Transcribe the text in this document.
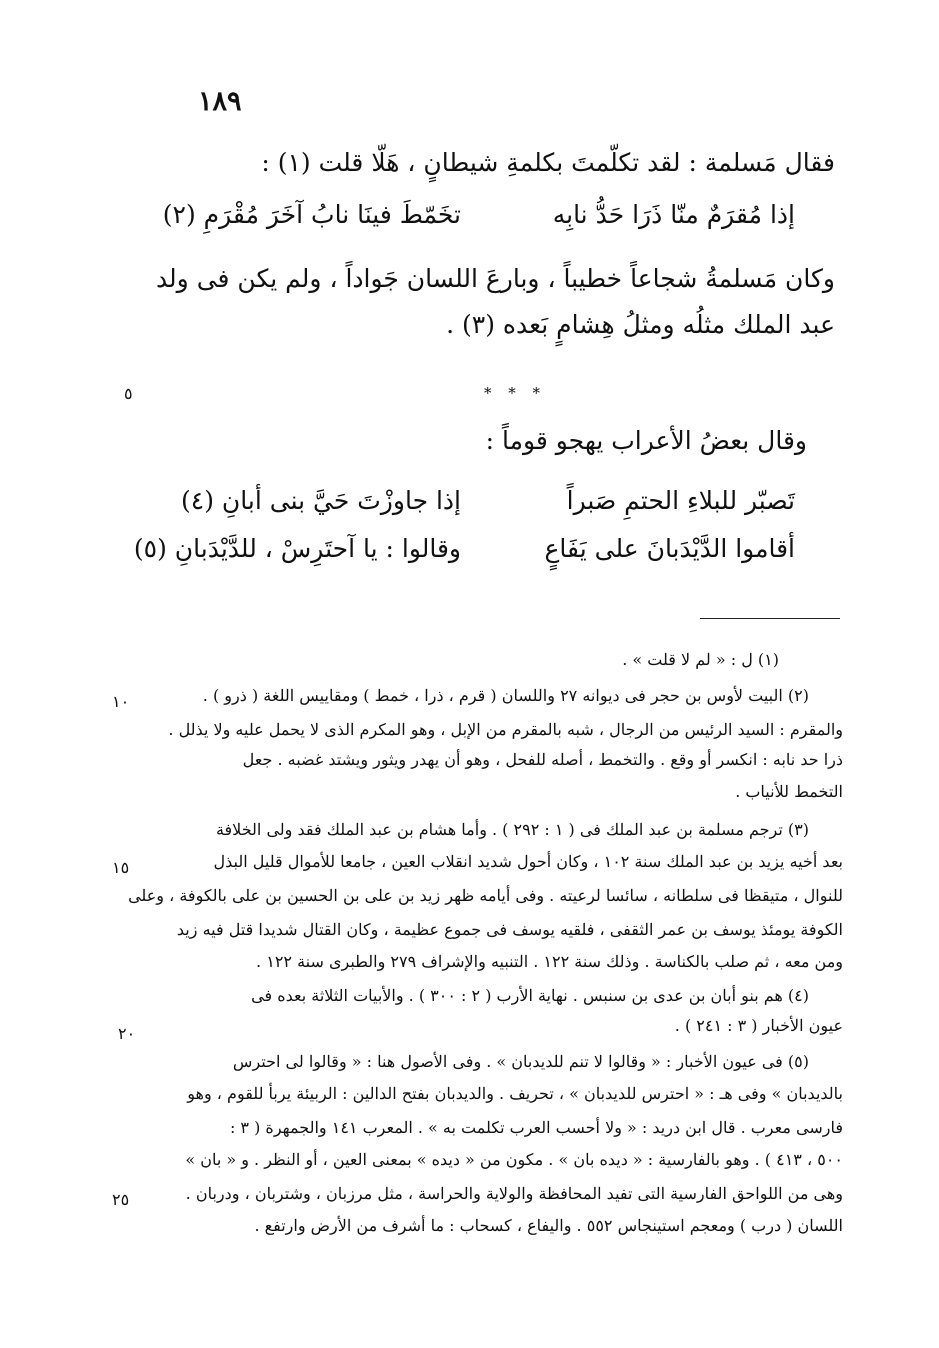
١٨٩
فقال مَسلمة : لقد تكلّمتَ بكلمةِ شيطانٍ ، هَلّا قلت (١) :
إذا مُقرَمٌ منّا ذَرَا حَدُّ نابِه
تخَمّطَ فينَا نابُ آخَرَ مُقْرَمِ (٢)
وكان مَسلمةُ شجاعاً خطيباً ، وبارعَ اللسان جَواداً ، ولم يكن فى ولد
عبد الملك مثلُه ومثلُ هِشامٍ بَعده (٣) .
* * *
وقال بعضُ الأعراب يهجو قوماً :
تَصبّر للبلاءِ الحتمِ صَبراً
إذا جاوزْتَ حَيَّ بنى أبانِ (٤)
أقاموا الدَّيْدَبانَ على يَفَاعٍ
وقالوا : يا آحتَرِسْ ، للدَّيْدَبانِ (٥)
(١) ل : « لم لا قلت » .
(٢) البيت لأوس بن حجر فى ديوانه ٢٧ واللسان ( قرم ، ذرا ، خمط ) ومقاييس اللغة ( ذرو ) .
والمقرم : السيد الرئيس من الرجال ، شبه بالمقرم من الإبل ، وهو المكرم الذى لا يحمل عليه ولا يذلل .
ذرا حد نابه : انكسر أو وقع . والتخمط ، أصله للفحل ، وهو أن يهدر ويثور ويشتد غضبه . جعل
التخمط للأنياب .
(٣) ترجم مسلمة بن عبد الملك فى ( ١ : ٢٩٢ ) . وأما هشام بن عبد الملك فقد ولى الخلافة
بعد أخيه يزيد بن عبد الملك سنة ١٠٢ ، وكان أحول شديد انقلاب العين ، جامعا للأموال قليل البذل
للنوال ، متيقظا فى سلطانه ، سائسا لرعيته . وفى أيامه ظهر زيد بن على بن الحسين بن على بالكوفة ، وعلى
الكوفة يومئذ يوسف بن عمر الثقفى ، فلقيه يوسف فى جموع عظيمة ، وكان القتال شديدا قتل فيه زيد
ومن معه ، ثم صلب بالكناسة . وذلك سنة ١٢٢ . التنبيه والإشراف ٢٧٩ والطبرى سنة ١٢٢ .
(٤) هم بنو أبان بن عدى بن سنبس . نهاية الأرب ( ٢ : ٣٠٠ ) . والأبيات الثلاثة بعده فى
عيون الأخبار ( ٣ : ٢٤١ ) .
(٥) فى عيون الأخبار : « وقالوا لا تنم للديدبان » . وفى الأصول هنا : « وقالوا لى احترس
بالديدبان » وفى هـ : « احترس للديدبان » ، تحريف . والديدبان بفتح الدالين : الربيئة يربأ للقوم ، وهو
فارسى معرب . قال ابن دريد : « ولا أحسب العرب تكلمت به » . المعرب ١٤١ والجمهرة ( ٣ :
٥٠٠ ، ٤١٣ ) . وهو بالفارسية : « ديده بان » . مكون من « ديده » بمعنى العين ، أو النظر . و « بان »
وهى من اللواحق الفارسية التى تفيد المحافظة والولاية والحراسة ، مثل مرزبان ، وشتربان ، ودربان .
اللسان ( درب ) ومعجم استينجاس ٥٥٢ . واليفاع ، كسحاب : ما أشرف من الأرض وارتفع .
٥
١٠
١٥
٢٠
٢٥
